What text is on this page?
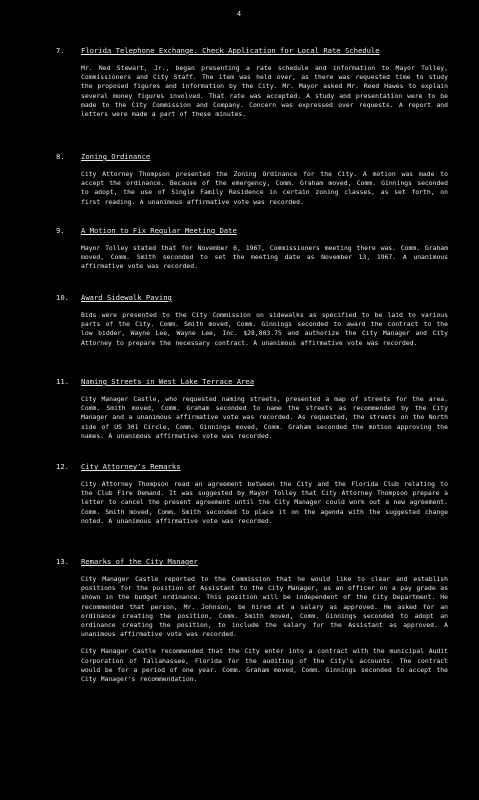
4
7. Florida Telephone Exchange. Check Application for Local Rate Schedule

Mr. Ned Stewart, Jr., began presenting a rate schedule and information to Mayor Tolley, Commissioners and City Staff. The item was held over, as there was requested time to study the proposed figures and information by the City. Mr. Mayor asked Mr. Reed Hawes to explain several money figures involved. That rate was accepted. A study and presentation were to be made to the City Commission and Company. Concern was expressed over requests. A report and letters were made a part of these minutes.

8. Zoning Ordinance

City Attorney Thompson presented the Zoning Ordinance for the City. A motion was made to accept the ordinance. Because of the emergency, Comm. Graham moved, Comm. Ginnings seconded to adopt, the use of Single Family Residence in certain zoning classes, as set forth, on first reading. A unanimous affirmative vote was recorded.

9. A Motion to Fix Regular Meeting Date

Mayor Tolley stated that for November 6, 1967, Commissioners meeting there was. Comm. Graham moved, Comm. Smith seconded to set the meeting date as November 13, 1967. A unanimous affirmative vote was recorded.

10. Award Sidewalk Paving

Bids were presented to the City Commission on sidewalks as specified to be laid to various parts of the City. Comm. Smith moved, Comm. Ginnings seconded to award the contract to the low bidder, Wayne Lee, Wayne Lee, Inc. $28,803.75 and authorize the City Manager and City Attorney to prepare the necessary contract. A unanimous affirmative vote was recorded.

11. Naming Streets in West Lake Terrace Area

City Manager Castle, who requested naming streets, presented a map of streets for the area. Comm. Smith moved, Comm. Graham seconded to name the streets as recommended by the City Manager and a unanimous affirmative vote was recorded. As requested, the streets on the North side of US 301 Circle, Comm. Ginnings moved, Comm. Graham seconded the motion approving the names. A unanimous affirmative vote was recorded.

12. City Attorney's Remarks

City Attorney Thompson read an agreement between the City and the Florida Club relating to the Club Fire Demand. It was suggested by Mayor Tolley that City Attorney Thompson prepare a letter to cancel the present agreement until the City Manager could work out a new agreement. Comm. Smith moved, Comm. Smith seconded to place it on the agenda with the suggested change noted. A unanimous affirmative vote was recorded.

13. Remarks of the City Manager

City Manager Castle reported to the Commission that he would like to clear and establish positions for the position of Assistant to the City Manager, as an officer on a pay grade as shown in the budget ordinance. This position will be independent of the City Department. He recommended that person, Mr. Johnson, be hired at a salary as approved. He asked for an ordinance creating the position, Comm. Smith moved, Comm. Ginnings seconded to adopt an ordinance creating the position, to include the salary for the Assistant as approved. A unanimous affirmative vote was recorded.

City Manager Castle recommended that the City enter into a contract with the municipal Audit Corporation of Tallahassee, Florida for the auditing of the City's accounts. The contract would be for a period of one year. Comm. Graham moved, Comm. Ginnings seconded to accept the City Manager's recommendation.
